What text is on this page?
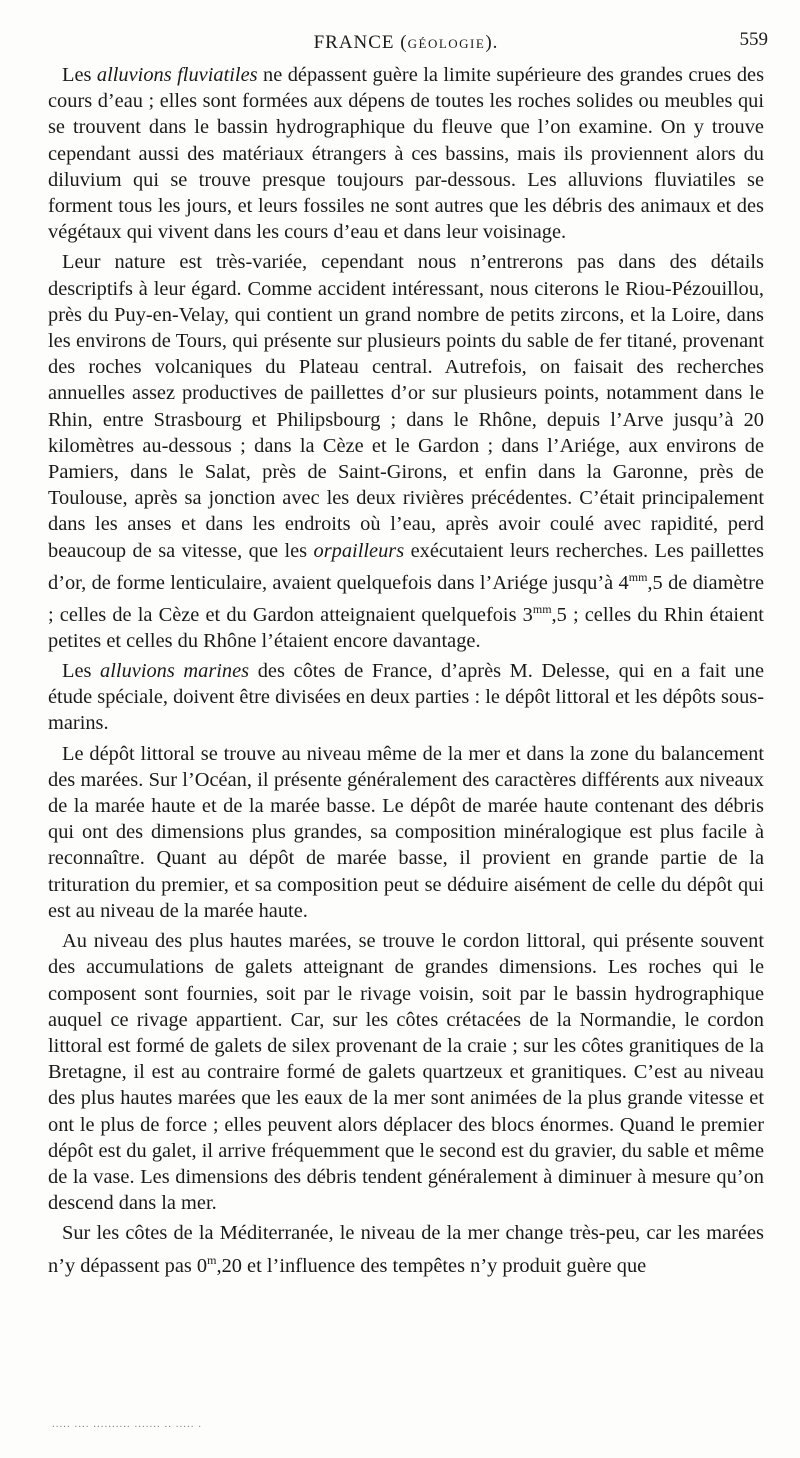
FRANCE (GÉOLOGIE).	559

Les alluvions fluviatiles ne dépassent guère la limite supérieure des grandes crues des cours d’eau ; elles sont formées aux dépens de toutes les roches solides ou meubles qui se trouvent dans le bassin hydrographique du fleuve que l’on examine. On y trouve cependant aussi des matériaux étrangers à ces bassins, mais ils proviennent alors du diluvium qui se trouve presque toujours par-dessous. Les alluvions fluviatiles se forment tous les jours, et leurs fossiles ne sont autres que les débris des animaux et des végétaux qui vivent dans les cours d’eau et dans leur voisinage.

Leur nature est très-variée, cependant nous n’entrerons pas dans des détails descriptifs à leur égard. Comme accident intéressant, nous citerons le Riou-Pézouillou, près du Puy-en-Velay, qui contient un grand nombre de petits zircons, et la Loire, dans les environs de Tours, qui présente sur plusieurs points du sable de fer titané, provenant des roches volcaniques du Plateau central. Autrefois, on faisait des recherches annuelles assez productives de paillettes d’or sur plusieurs points, notamment dans le Rhin, entre Strasbourg et Philipsbourg ; dans le Rhône, depuis l’Arve jusqu’à 20 kilomètres au-dessous ; dans la Cèze et le Gardon ; dans l’Ariége, aux environs de Pamiers, dans le Salat, près de Saint-Girons, et enfin dans la Garonne, près de Toulouse, après sa jonction avec les deux rivières précédentes. C’était principalement dans les anses et dans les endroits où l’eau, après avoir coulé avec rapidité, perd beaucoup de sa vitesse, que les orpailleurs exécutaient leurs recherches. Les paillettes d’or, de forme lenticulaire, avaient quelquefois dans l’Ariége jusqu’à $4^{mm},5$ de diamètre ; celles de la Cèze et du Gardon atteignaient quelquefois $3^{mm},5$ ; celles du Rhin étaient petites et celles du Rhône l’étaient encore davantage.

Les alluvions marines des côtes de France, d’après M. Delesse, qui en a fait une étude spéciale, doivent être divisées en deux parties : le dépôt littoral et les dépôts sous-marins.

Le dépôt littoral se trouve au niveau même de la mer et dans la zone du balancement des marées. Sur l’Océan, il présente généralement des caractères différents aux niveaux de la marée haute et de la marée basse. Le dépôt de marée haute contenant des débris qui ont des dimensions plus grandes, sa composition minéralogique est plus facile à reconnaître. Quant au dépôt de marée basse, il provient en grande partie de la trituration du premier, et sa composition peut se déduire aisément de celle du dépôt qui est au niveau de la marée haute.

Au niveau des plus hautes marées, se trouve le cordon littoral, qui présente souvent des accumulations de galets atteignant de grandes dimensions. Les roches qui le composent sont fournies, soit par le rivage voisin, soit par le bassin hydrographique auquel ce rivage appartient. Car, sur les côtes crétacées de la Normandie, le cordon littoral est formé de galets de silex provenant de la craie ; sur les côtes granitiques de la Bretagne, il est au contraire formé de galets quartzeux et granitiques. C’est au niveau des plus hautes marées que les eaux de la mer sont animées de la plus grande vitesse et ont le plus de force ; elles peuvent alors déplacer des blocs énormes. Quand le premier dépôt est du galet, il arrive fréquemment que le second est du gravier, du sable et même de la vase. Les dimensions des débris tendent généralement à diminuer à mesure qu’on descend dans la mer.

Sur les côtes de la Méditerranée, le niveau de la mer change très-peu, car les marées n’y dépassent pas 0$^m$,20 et l’influence des tempêtes n’y produit guère que

..... .... .......... ....... .. ..... .
